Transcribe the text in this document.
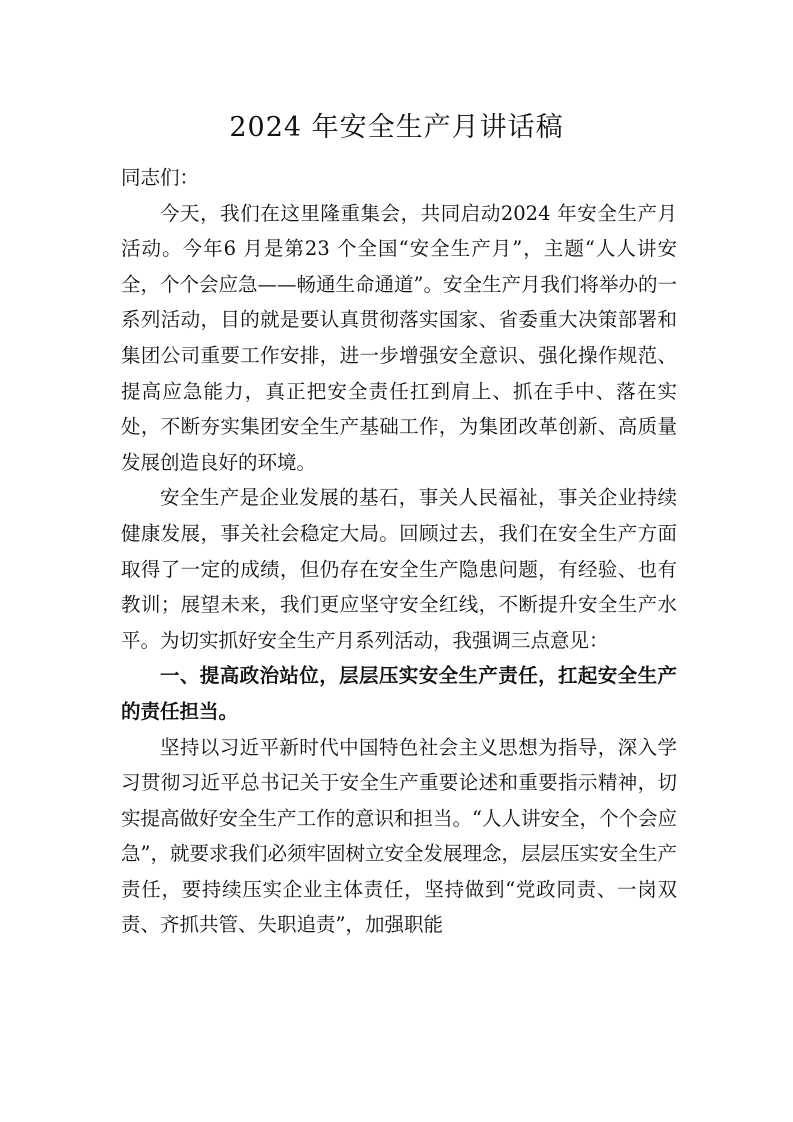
2024 年安全生产月讲话稿

同志们：

今天，我们在这里隆重集会，共同启动2024 年安全生产月活动。今年6 月是第23 个全国“安全生产月”，主题“人人讲安全，个个会应急——畅通生命通道”。安全生产月我们将举办的一系列活动，目的就是要认真贯彻落实国家、省委重大决策部署和集团公司重要工作安排，进一步增强安全意识、强化操作规范、提高应急能力，真正把安全责任扛到肩上、抓在手中、落在实处，不断夯实集团安全生产基础工作，为集团改革创新、高质量发展创造良好的环境。

安全生产是企业发展的基石，事关人民福祉，事关企业持续健康发展，事关社会稳定大局。回顾过去，我们在安全生产方面取得了一定的成绩，但仍存在安全生产隐患问题，有经验、也有教训；展望未来，我们更应坚守安全红线，不断提升安全生产水平。为切实抓好安全生产月系列活动，我强调三点意见：

一、提高政治站位，层层压实安全生产责任，扛起安全生产的责任担当。

坚持以习近平新时代中国特色社会主义思想为指导，深入学习贯彻习近平总书记关于安全生产重要论述和重要指示精神，切实提高做好安全生产工作的意识和担当。“人人讲安全，个个会应急”，就要求我们必须牢固树立安全发展理念，层层压实安全生产责任，要持续压实企业主体责任，坚持做到“党政同责、一岗双责、齐抓共管、失职追责”，加强职能
